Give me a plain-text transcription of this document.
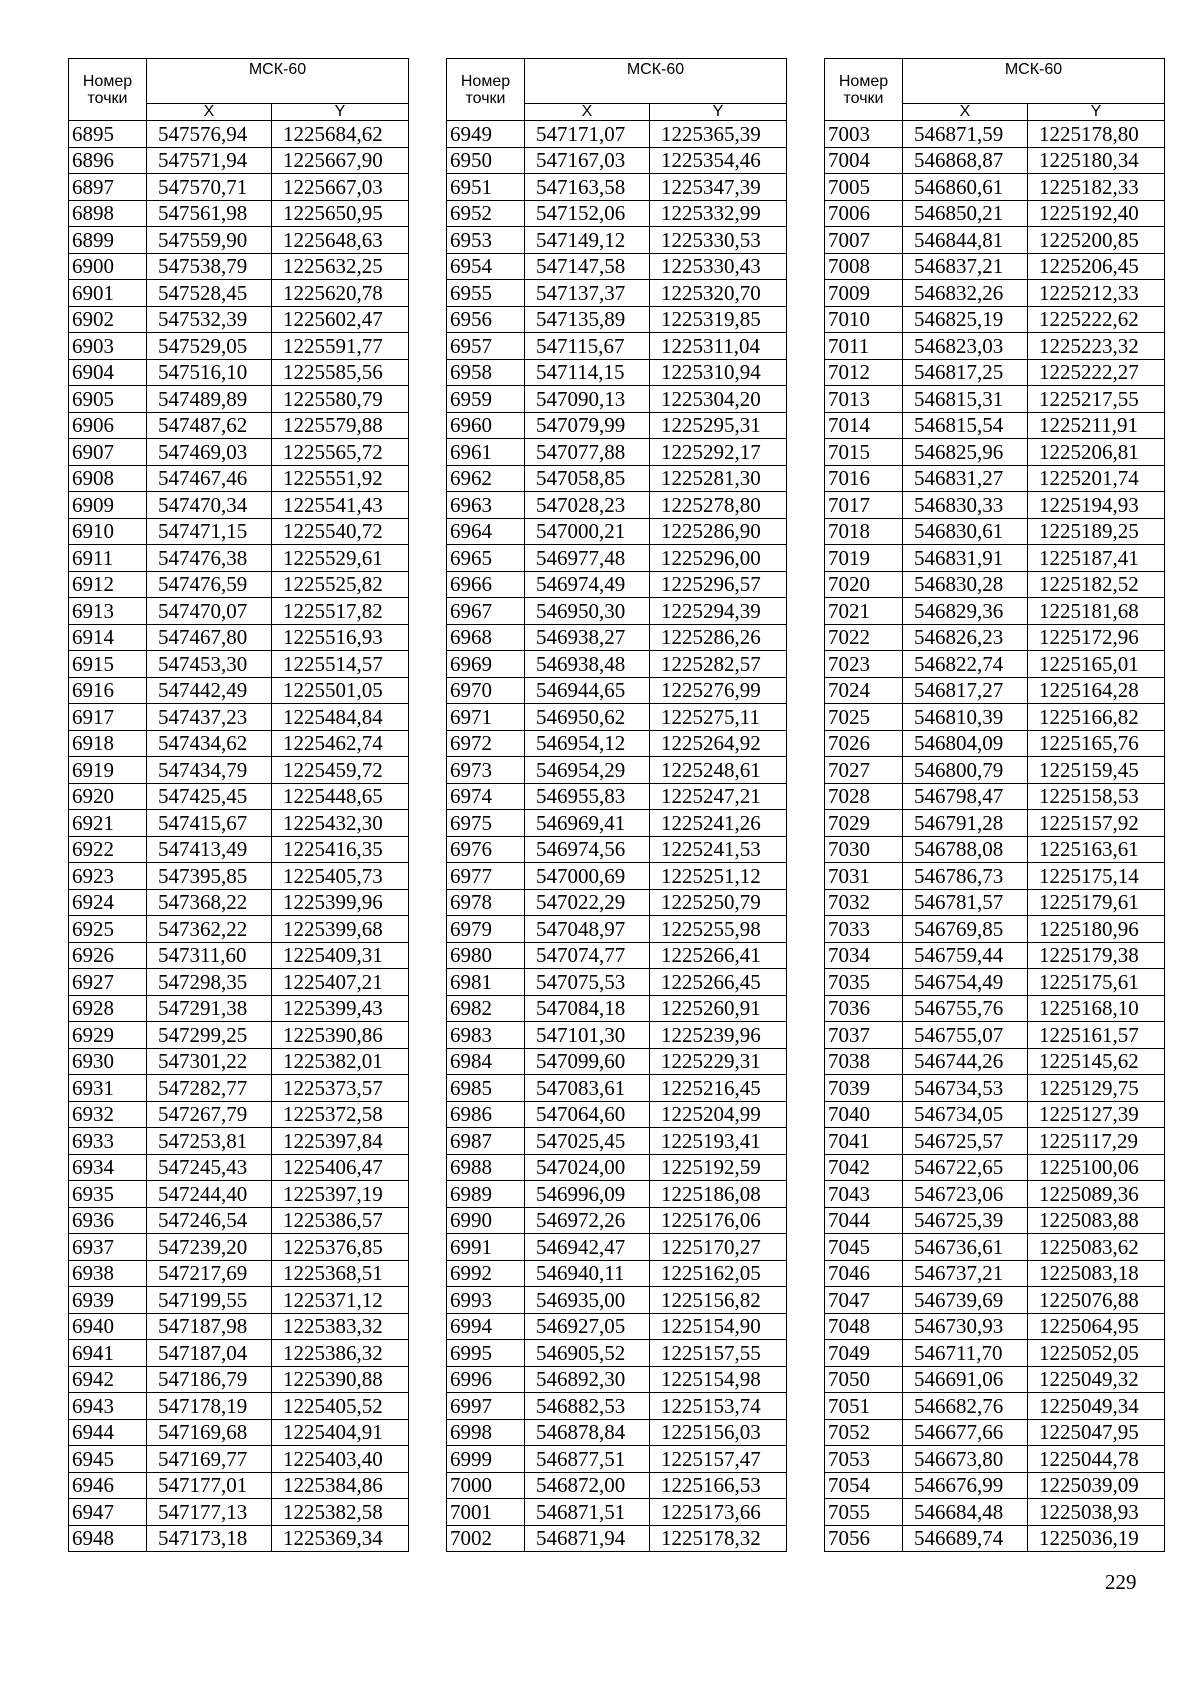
Номер точки	МСК-60	
	X	Y
6895	547576,94	1225684,62
6896	547571,94	1225667,90
6897	547570,71	1225667,03
6898	547561,98	1225650,95
6899	547559,90	1225648,63
6900	547538,79	1225632,25
6901	547528,45	1225620,78
6902	547532,39	1225602,47
6903	547529,05	1225591,77
6904	547516,10	1225585,56
6905	547489,89	1225580,79
6906	547487,62	1225579,88
6907	547469,03	1225565,72
6908	547467,46	1225551,92
6909	547470,34	1225541,43
6910	547471,15	1225540,72
6911	547476,38	1225529,61
6912	547476,59	1225525,82
6913	547470,07	1225517,82
6914	547467,80	1225516,93
6915	547453,30	1225514,57
6916	547442,49	1225501,05
6917	547437,23	1225484,84
6918	547434,62	1225462,74
6919	547434,79	1225459,72
6920	547425,45	1225448,65
6921	547415,67	1225432,30
6922	547413,49	1225416,35
6923	547395,85	1225405,73
6924	547368,22	1225399,96
6925	547362,22	1225399,68
6926	547311,60	1225409,31
6927	547298,35	1225407,21
6928	547291,38	1225399,43
6929	547299,25	1225390,86
6930	547301,22	1225382,01
6931	547282,77	1225373,57
6932	547267,79	1225372,58
6933	547253,81	1225397,84
6934	547245,43	1225406,47
6935	547244,40	1225397,19
6936	547246,54	1225386,57
6937	547239,20	1225376,85
6938	547217,69	1225368,51
6939	547199,55	1225371,12
6940	547187,98	1225383,32
6941	547187,04	1225386,32
6942	547186,79	1225390,88
6943	547178,19	1225405,52
6944	547169,68	1225404,91
6945	547169,77	1225403,40
6946	547177,01	1225384,86
6947	547177,13	1225382,58
6948	547173,18	1225369,34
Номер точки	МСК-60	
	X	Y
6949	547171,07	1225365,39
6950	547167,03	1225354,46
6951	547163,58	1225347,39
6952	547152,06	1225332,99
6953	547149,12	1225330,53
6954	547147,58	1225330,43
6955	547137,37	1225320,70
6956	547135,89	1225319,85
6957	547115,67	1225311,04
6958	547114,15	1225310,94
6959	547090,13	1225304,20
6960	547079,99	1225295,31
6961	547077,88	1225292,17
6962	547058,85	1225281,30
6963	547028,23	1225278,80
6964	547000,21	1225286,90
6965	546977,48	1225296,00
6966	546974,49	1225296,57
6967	546950,30	1225294,39
6968	546938,27	1225286,26
6969	546938,48	1225282,57
6970	546944,65	1225276,99
6971	546950,62	1225275,11
6972	546954,12	1225264,92
6973	546954,29	1225248,61
6974	546955,83	1225247,21
6975	546969,41	1225241,26
6976	546974,56	1225241,53
6977	547000,69	1225251,12
6978	547022,29	1225250,79
6979	547048,97	1225255,98
6980	547074,77	1225266,41
6981	547075,53	1225266,45
6982	547084,18	1225260,91
6983	547101,30	1225239,96
6984	547099,60	1225229,31
6985	547083,61	1225216,45
6986	547064,60	1225204,99
6987	547025,45	1225193,41
6988	547024,00	1225192,59
6989	546996,09	1225186,08
6990	546972,26	1225176,06
6991	546942,47	1225170,27
6992	546940,11	1225162,05
6993	546935,00	1225156,82
6994	546927,05	1225154,90
6995	546905,52	1225157,55
6996	546892,30	1225154,98
6997	546882,53	1225153,74
6998	546878,84	1225156,03
6999	546877,51	1225157,47
7000	546872,00	1225166,53
7001	546871,51	1225173,66
7002	546871,94	1225178,32
Номер точки	МСК-60	
	X	Y
7003	546871,59	1225178,80
7004	546868,87	1225180,34
7005	546860,61	1225182,33
7006	546850,21	1225192,40
7007	546844,81	1225200,85
7008	546837,21	1225206,45
7009	546832,26	1225212,33
7010	546825,19	1225222,62
7011	546823,03	1225223,32
7012	546817,25	1225222,27
7013	546815,31	1225217,55
7014	546815,54	1225211,91
7015	546825,96	1225206,81
7016	546831,27	1225201,74
7017	546830,33	1225194,93
7018	546830,61	1225189,25
7019	546831,91	1225187,41
7020	546830,28	1225182,52
7021	546829,36	1225181,68
7022	546826,23	1225172,96
7023	546822,74	1225165,01
7024	546817,27	1225164,28
7025	546810,39	1225166,82
7026	546804,09	1225165,76
7027	546800,79	1225159,45
7028	546798,47	1225158,53
7029	546791,28	1225157,92
7030	546788,08	1225163,61
7031	546786,73	1225175,14
7032	546781,57	1225179,61
7033	546769,85	1225180,96
7034	546759,44	1225179,38
7035	546754,49	1225175,61
7036	546755,76	1225168,10
7037	546755,07	1225161,57
7038	546744,26	1225145,62
7039	546734,53	1225129,75
7040	546734,05	1225127,39
7041	546725,57	1225117,29
7042	546722,65	1225100,06
7043	546723,06	1225089,36
7044	546725,39	1225083,88
7045	546736,61	1225083,62
7046	546737,21	1225083,18
7047	546739,69	1225076,88
7048	546730,93	1225064,95
7049	546711,70	1225052,05
7050	546691,06	1225049,32
7051	546682,76	1225049,34
7052	546677,66	1225047,95
7053	546673,80	1225044,78
7054	546676,99	1225039,09
7055	546684,48	1225038,93
7056	546689,74	1225036,19
229
